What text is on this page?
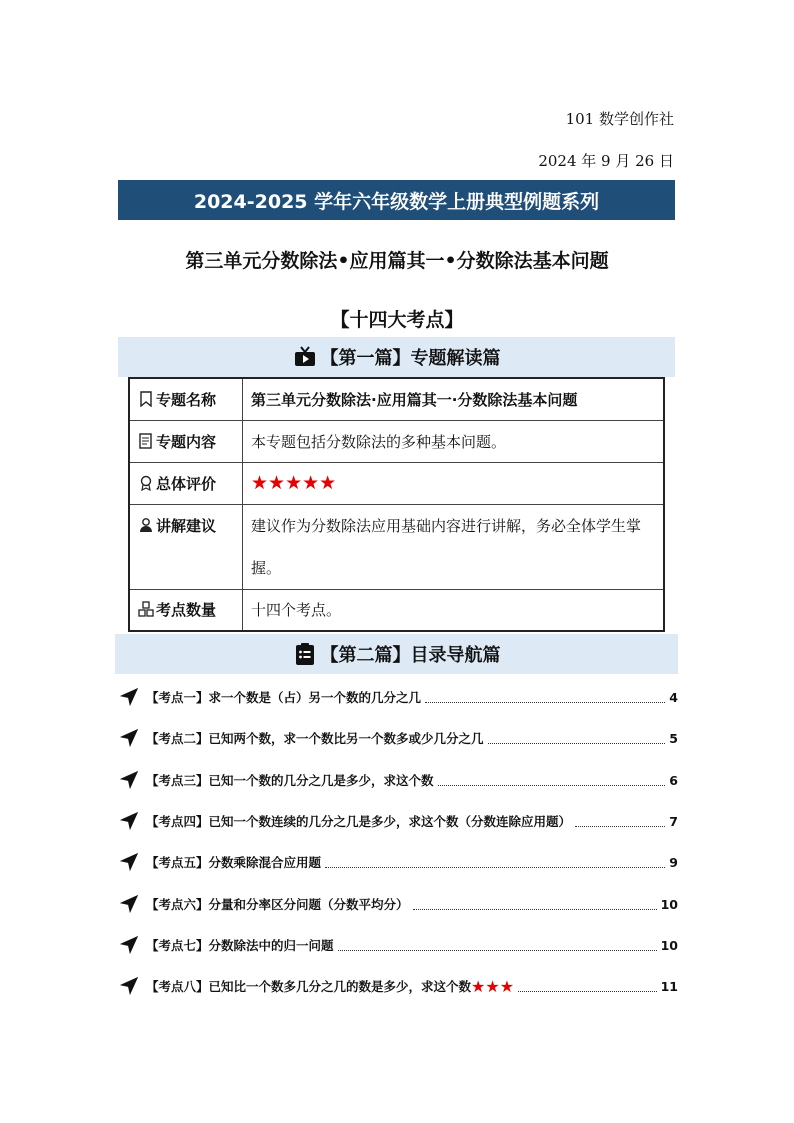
101 数学创作社
2024 年 9 月 26 日
2024-2025 学年六年级数学上册典型例题系列
第三单元分数除法•应用篇其一•分数除法基本问题
【十四大考点】
【第一篇】专题解读篇
专题名称	第三单元分数除法·应用篇其一·分数除法基本问题
专题内容	本专题包括分数除法的多种基本问题。
总体评价	★★★★★
讲解建议	建议作为分数除法应用基础内容进行讲解，务必全体学生掌握。
考点数量	十四个考点。
【第二篇】目录导航篇
【考点一】求一个数是（占）另一个数的几分之几	4
【考点二】已知两个数，求一个数比另一个数多或少几分之几	5
【考点三】已知一个数的几分之几是多少，求这个数	6
【考点四】已知一个数连续的几分之几是多少，求这个数（分数连除应用题）	7
【考点五】分数乘除混合应用题	9
【考点六】分量和分率区分问题（分数平均分）	10
【考点七】分数除法中的归一问题	10
【考点八】已知比一个数多几分之几的数是多少，求这个数 ★★★	11
